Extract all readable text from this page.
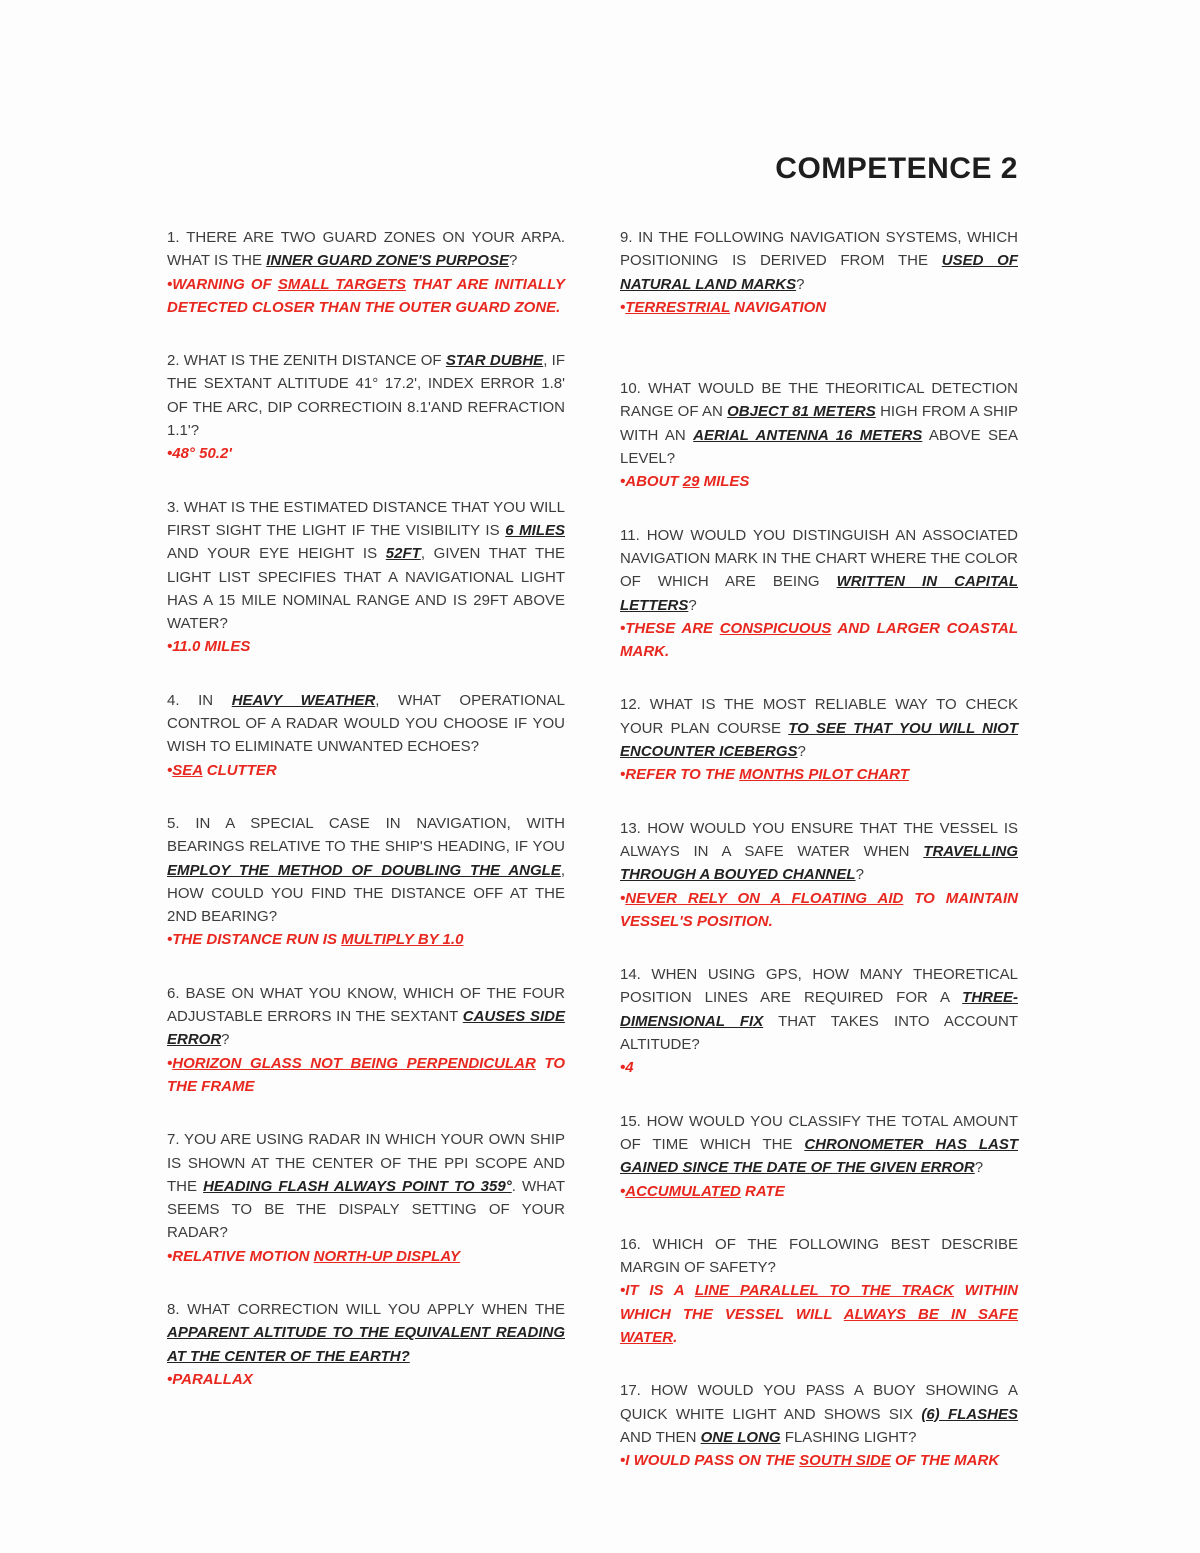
COMPETENCE 2

1. THERE ARE TWO GUARD ZONES ON YOUR ARPA. WHAT IS THE INNER GUARD ZONE'S PURPOSE?

•WARNING OF SMALL TARGETS THAT ARE INITIALLY DETECTED CLOSER THAN THE OUTER GUARD ZONE.

2. WHAT IS THE ZENITH DISTANCE OF STAR DUBHE, IF THE SEXTANT ALTITUDE 41° 17.2', INDEX ERROR 1.8' OF THE ARC, DIP CORRECTIOIN 8.1'AND REFRACTION 1.1'?

•48° 50.2'

3. WHAT IS THE ESTIMATED DISTANCE THAT YOU WILL FIRST SIGHT THE LIGHT IF THE VISIBILITY IS 6 MILES AND YOUR EYE HEIGHT IS 52FT, GIVEN THAT THE LIGHT LIST SPECIFIES THAT A NAVIGATIONAL LIGHT HAS A 15 MILE NOMINAL RANGE AND IS 29FT ABOVE WATER?

•11.0 MILES

4. IN HEAVY WEATHER, WHAT OPERATIONAL CONTROL OF A RADAR WOULD YOU CHOOSE IF YOU WISH TO ELIMINATE UNWANTED ECHOES?

•SEA CLUTTER

5. IN A SPECIAL CASE IN NAVIGATION, WITH BEARINGS RELATIVE TO THE SHIP'S HEADING, IF YOU EMPLOY THE METHOD OF DOUBLING THE ANGLE, HOW COULD YOU FIND THE DISTANCE OFF AT THE 2ND BEARING?

•THE DISTANCE RUN IS MULTIPLY BY 1.0

6. BASE ON WHAT YOU KNOW, WHICH OF THE FOUR ADJUSTABLE ERRORS IN THE SEXTANT CAUSES SIDE ERROR?

•HORIZON GLASS NOT BEING PERPENDICULAR TO THE FRAME

7. YOU ARE USING RADAR IN WHICH YOUR OWN SHIP IS SHOWN AT THE CENTER OF THE PPI SCOPE AND THE HEADING FLASH ALWAYS POINT TO 359°. WHAT SEEMS TO BE THE DISPALY SETTING OF YOUR RADAR?

•RELATIVE MOTION NORTH-UP DISPLAY

8. WHAT CORRECTION WILL YOU APPLY WHEN THE APPARENT ALTITUDE TO THE EQUIVALENT READING AT THE CENTER OF THE EARTH?

•PARALLAX

9. IN THE FOLLOWING NAVIGATION SYSTEMS, WHICH POSITIONING IS DERIVED FROM THE USED OF NATURAL LAND MARKS?

•TERRESTRIAL NAVIGATION

10. WHAT WOULD BE THE THEORITICAL DETECTION RANGE OF AN OBJECT 81 METERS HIGH FROM A SHIP WITH AN AERIAL ANTENNA 16 METERS ABOVE SEA LEVEL?

•ABOUT 29 MILES

11. HOW WOULD YOU DISTINGUISH AN ASSOCIATED NAVIGATION MARK IN THE CHART WHERE THE COLOR OF WHICH ARE BEING WRITTEN IN CAPITAL LETTERS?

•THESE ARE CONSPICUOUS AND LARGER COASTAL MARK.

12. WHAT IS THE MOST RELIABLE WAY TO CHECK YOUR PLAN COURSE TO SEE THAT YOU WILL NIOT ENCOUNTER ICEBERGS?

•REFER TO THE MONTHS PILOT CHART

13. HOW WOULD YOU ENSURE THAT THE VESSEL IS ALWAYS IN A SAFE WATER WHEN TRAVELLING THROUGH A BOUYED CHANNEL?

•NEVER RELY ON A FLOATING AID TO MAINTAIN VESSEL'S POSITION.

14. WHEN USING GPS, HOW MANY THEORETICAL POSITION LINES ARE REQUIRED FOR A THREE-DIMENSIONAL FIX THAT TAKES INTO ACCOUNT ALTITUDE?

•4

15. HOW WOULD YOU CLASSIFY THE TOTAL AMOUNT OF TIME WHICH THE CHRONOMETER HAS LAST GAINED SINCE THE DATE OF THE GIVEN ERROR?

•ACCUMULATED RATE

16. WHICH OF THE FOLLOWING BEST DESCRIBE MARGIN OF SAFETY?

•IT IS A LINE PARALLEL TO THE TRACK WITHIN WHICH THE VESSEL WILL ALWAYS BE IN SAFE WATER.

17. HOW WOULD YOU PASS A BUOY SHOWING A QUICK WHITE LIGHT AND SHOWS SIX (6) FLASHES AND THEN ONE LONG FLASHING LIGHT?

•I WOULD PASS ON THE SOUTH SIDE OF THE MARK
